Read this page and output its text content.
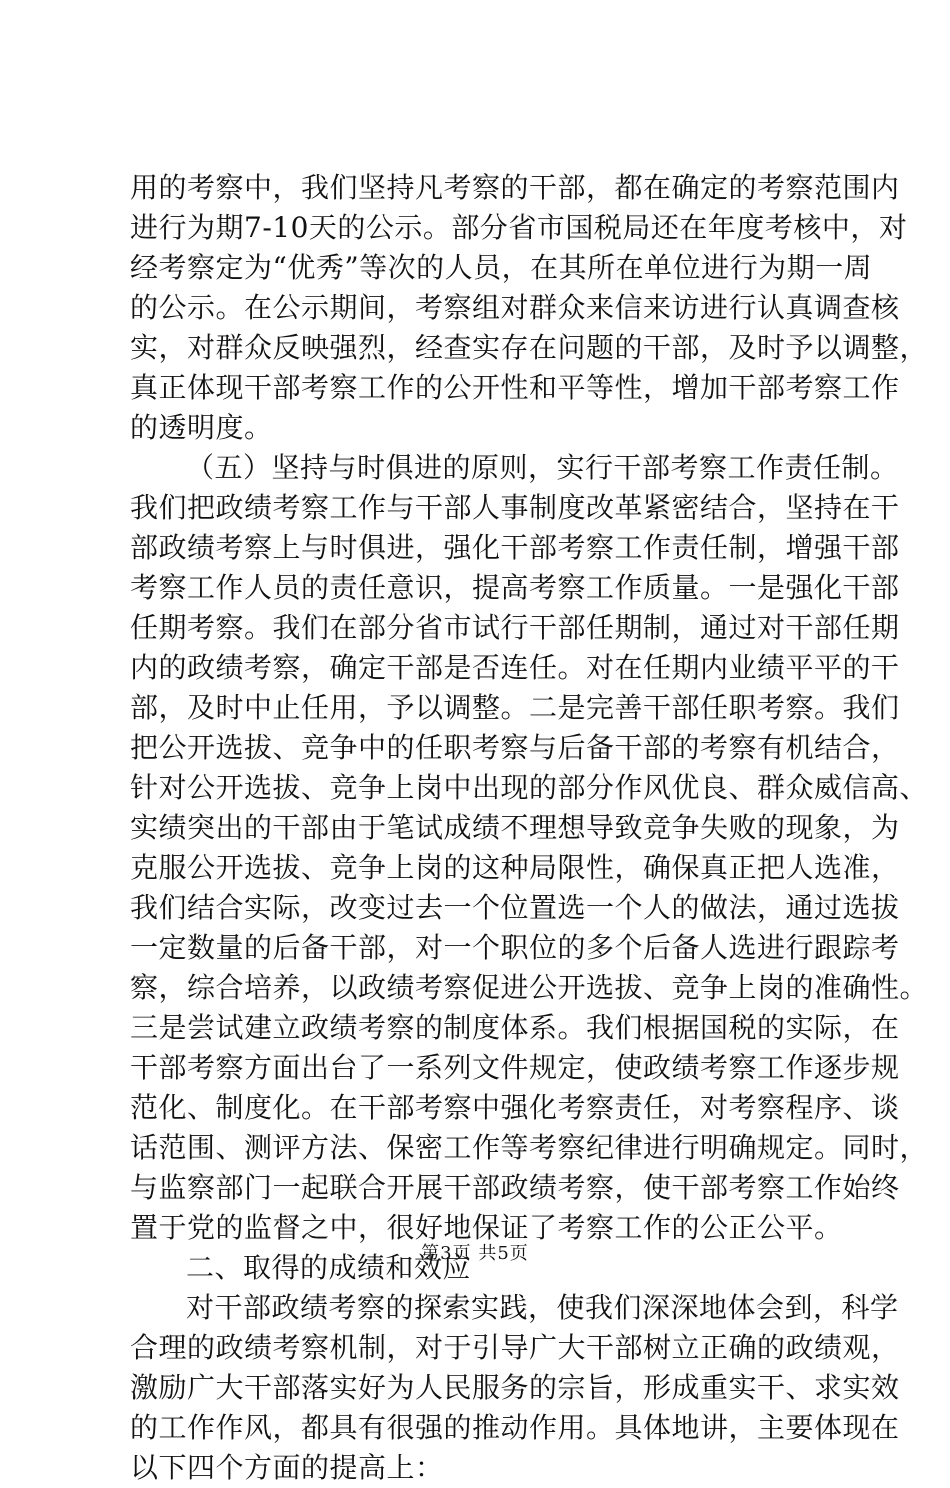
用的考察中，我们坚持凡考察的干部，都在确定的考察范围内
进行为期7-10天的公示。部分省市国税局还在年度考核中，对
经考察定为“优秀”等次的人员，在其所在单位进行为期一周
的公示。在公示期间，考察组对群众来信来访进行认真调查核
实，对群众反映强烈，经查实存在问题的干部，及时予以调整，
真正体现干部考察工作的公开性和平等性，增加干部考察工作
的透明度。
（五）坚持与时俱进的原则，实行干部考察工作责任制。
我们把政绩考察工作与干部人事制度改革紧密结合，坚持在干
部政绩考察上与时俱进，强化干部考察工作责任制，增强干部
考察工作人员的责任意识，提高考察工作质量。一是强化干部
任期考察。我们在部分省市试行干部任期制，通过对干部任期
内的政绩考察，确定干部是否连任。对在任期内业绩平平的干
部，及时中止任用，予以调整。二是完善干部任职考察。我们
把公开选拔、竞争中的任职考察与后备干部的考察有机结合，
针对公开选拔、竞争上岗中出现的部分作风优良、群众威信高、
实绩突出的干部由于笔试成绩不理想导致竞争失败的现象，为
克服公开选拔、竞争上岗的这种局限性，确保真正把人选准，
我们结合实际，改变过去一个位置选一个人的做法，通过选拔
一定数量的后备干部，对一个职位的多个后备人选进行跟踪考
察，综合培养，以政绩考察促进公开选拔、竞争上岗的准确性。
三是尝试建立政绩考察的制度体系。我们根据国税的实际，在
干部考察方面出台了一系列文件规定，使政绩考察工作逐步规
范化、制度化。在干部考察中强化考察责任，对考察程序、谈
话范围、测评方法、保密工作等考察纪律进行明确规定。同时，
与监察部门一起联合开展干部政绩考察，使干部考察工作始终
置于党的监督之中，很好地保证了考察工作的公正公平。
二、取得的成绩和效应
对干部政绩考察的探索实践，使我们深深地体会到，科学
合理的政绩考察机制，对于引导广大干部树立正确的政绩观，
激励广大干部落实好为人民服务的宗旨，形成重实干、求实效
的工作作风，都具有很强的推动作用。具体地讲，主要体现在
以下四个方面的提高上：
第3页 共5页
